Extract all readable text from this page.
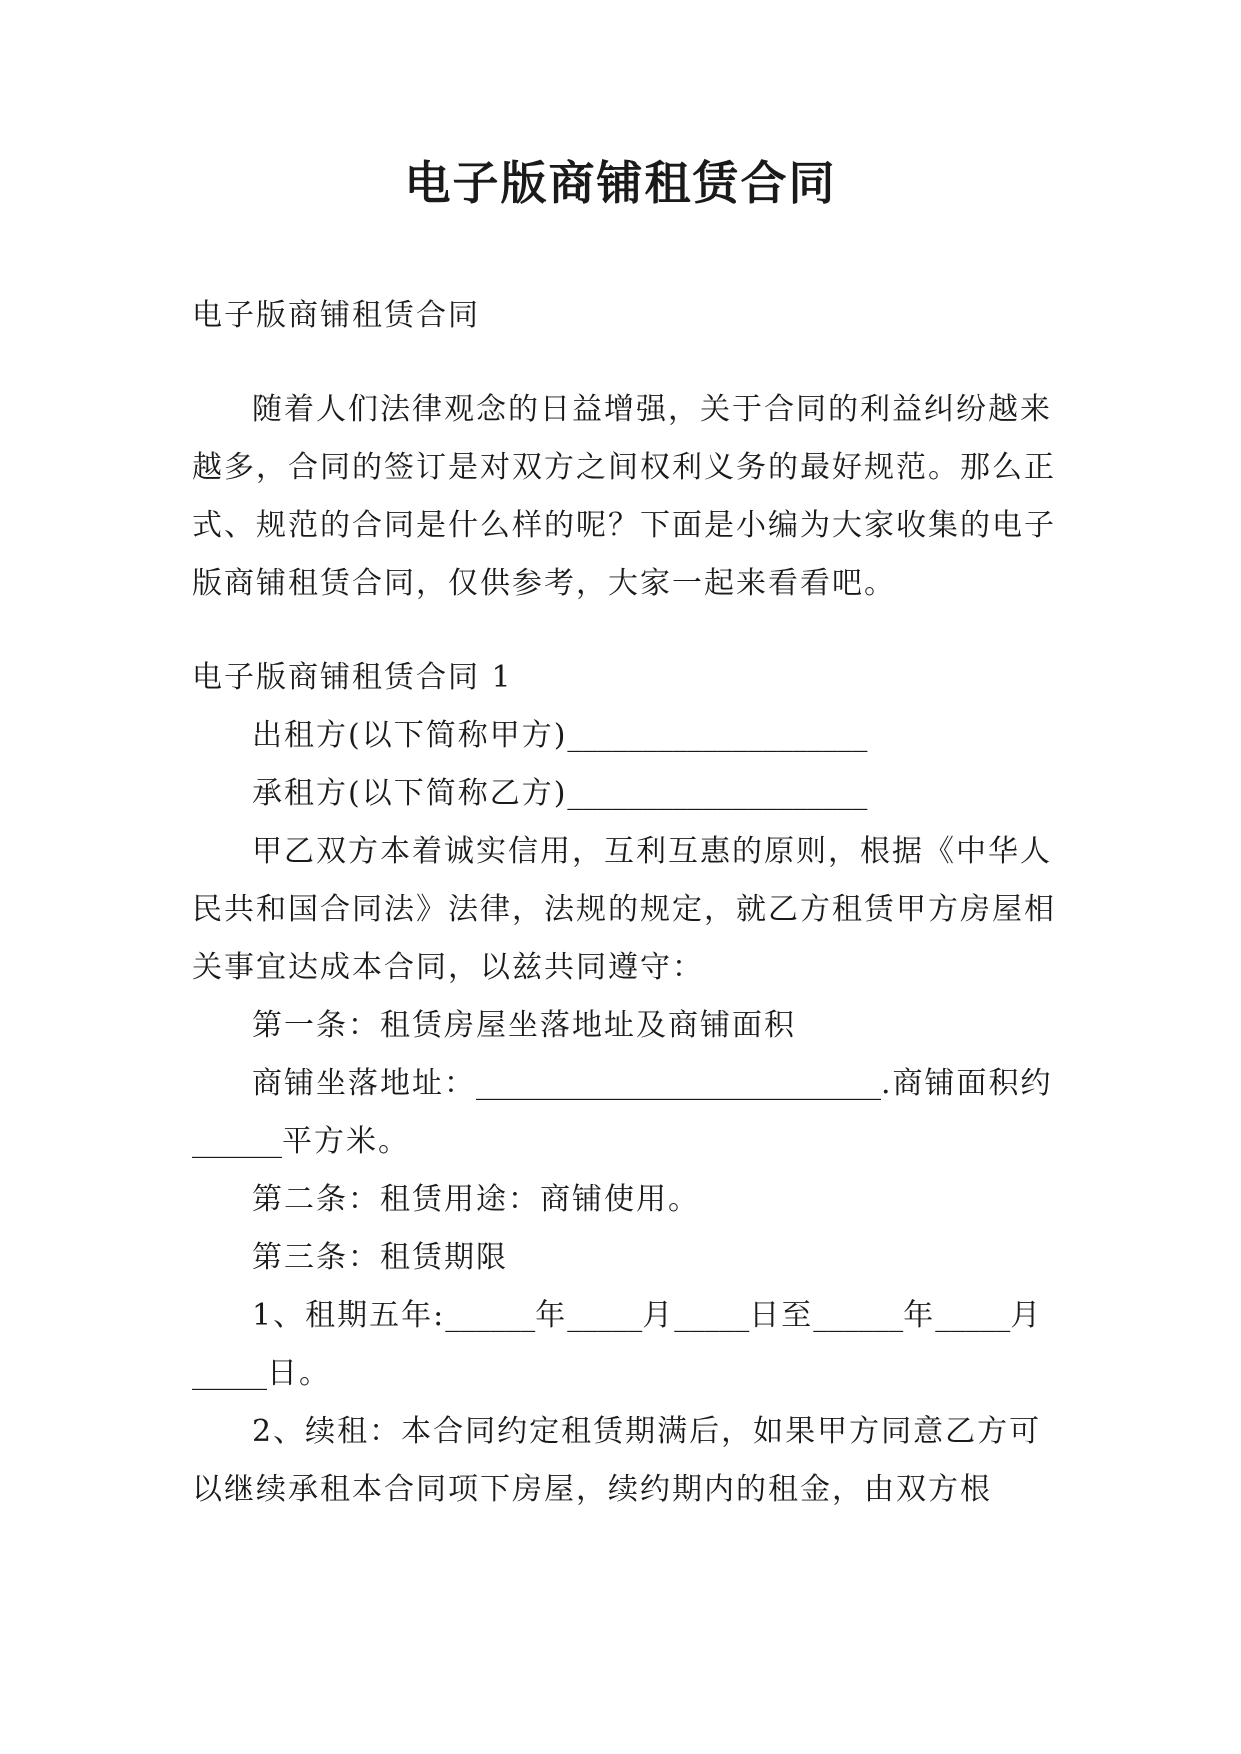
电子版商铺租赁合同

电子版商铺租赁合同

随着人们法律观念的日益增强，关于合同的利益纠纷越来越多，合同的签订是对双方之间权利义务的最好规范。那么正式、规范的合同是什么样的呢？下面是小编为大家收集的电子版商铺租赁合同，仅供参考，大家一起来看看吧。

电子版商铺租赁合同 1

出租方(以下简称甲方)____________________

承租方(以下简称乙方)____________________

甲乙双方本着诚实信用，互利互惠的原则，根据《中华人民共和国合同法》法律，法规的规定，就乙方租赁甲方房屋相关事宜达成本合同，以兹共同遵守：

第一条：租赁房屋坐落地址及商铺面积

商铺坐落地址：___________________________.商铺面积约______平方米。

第二条：租赁用途：商铺使用。

第三条：租赁期限

1、租期五年:______年_____月_____日至______年_____月_____日。

2、续租：本合同约定租赁期满后，如果甲方同意乙方可以继续承租本合同项下房屋，续约期内的租金，由双方根
